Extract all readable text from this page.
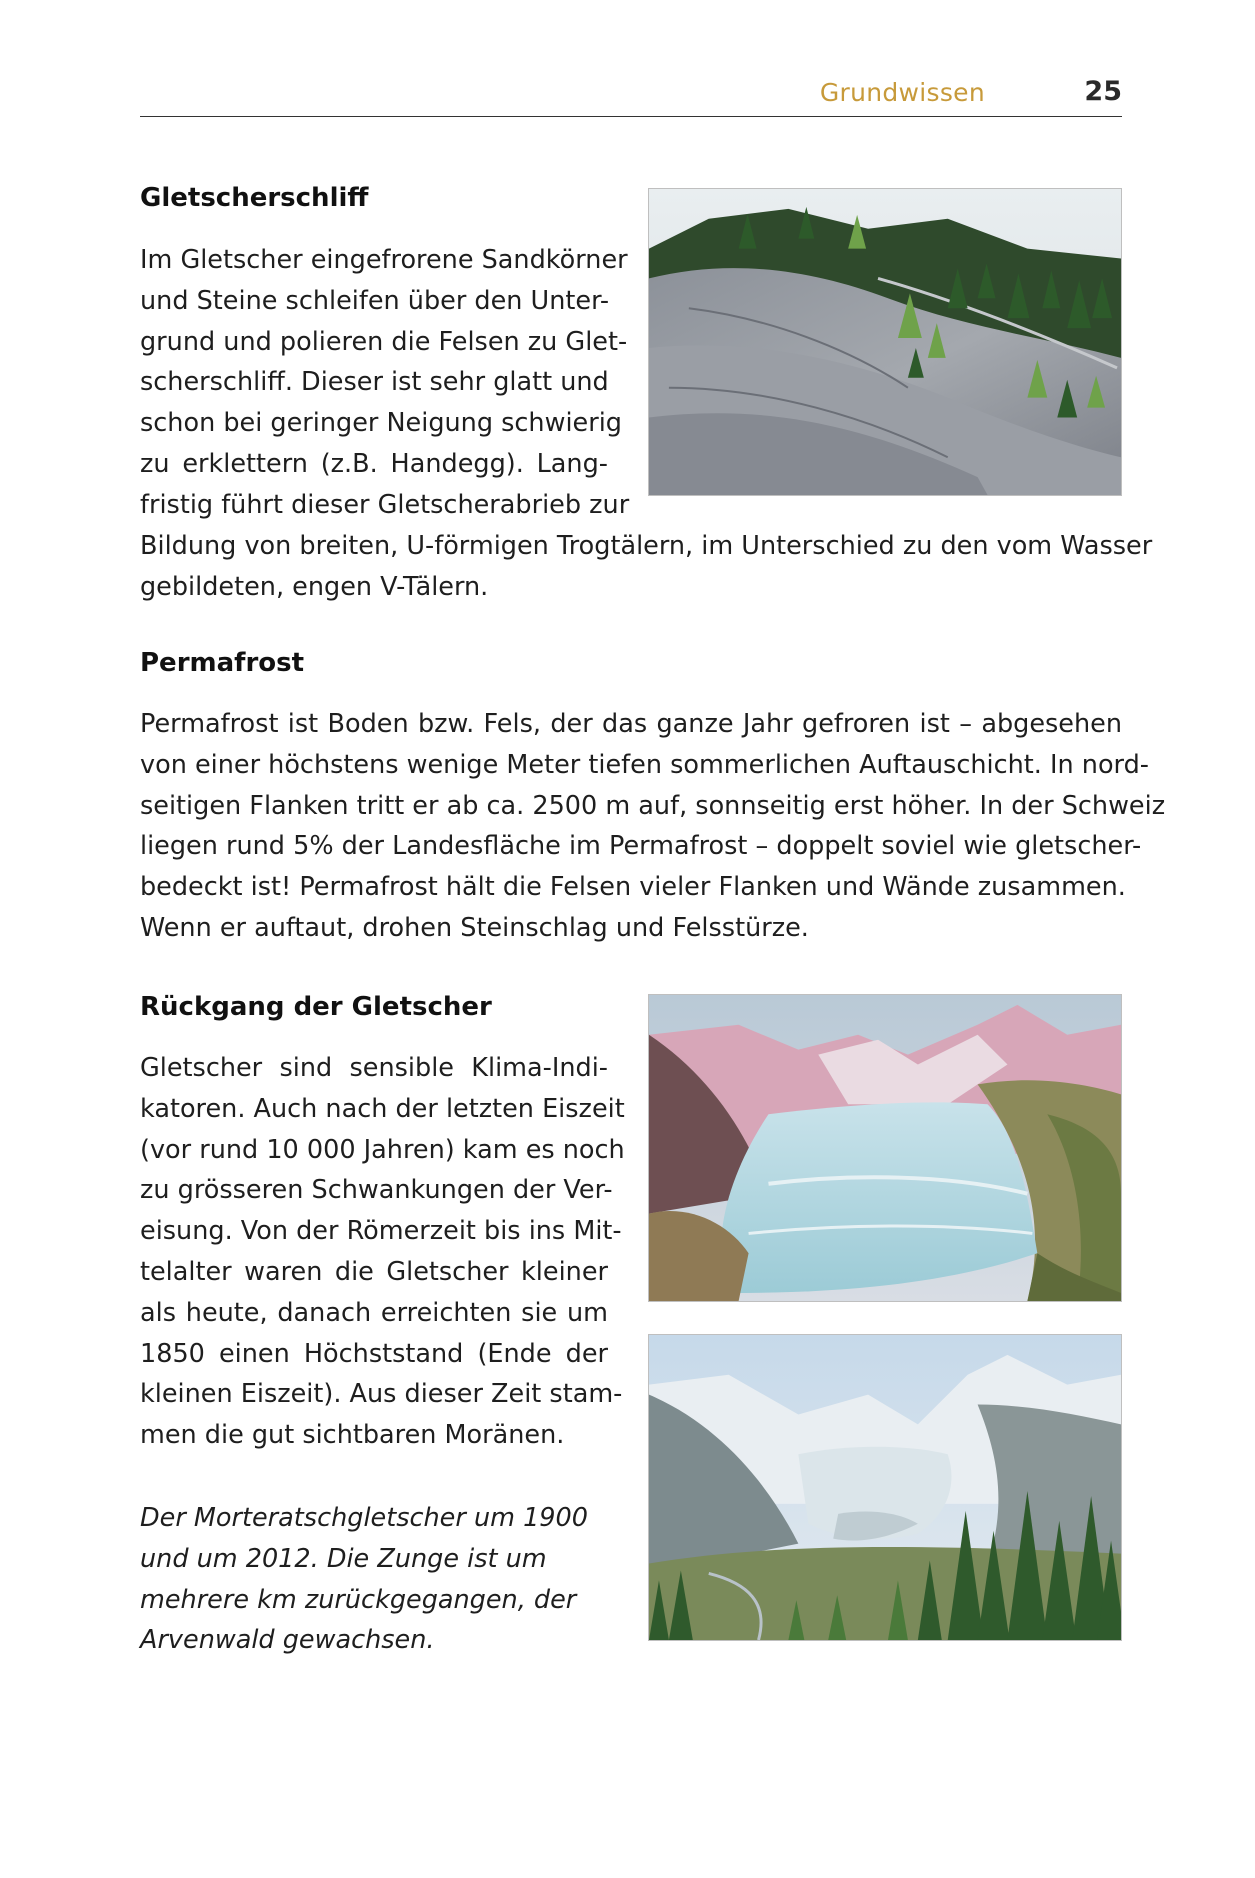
Grundwissen	25
Gletscherschliff

Im Gletscher eingefrorene Sandkörner
und Steine schleifen über den Unter-
grund und polieren die Felsen zu Glet-
scherschliff. Dieser ist sehr glatt und
schon bei geringer Neigung schwierig
zu erklettern (z.B. Handegg). Lang-
fristig führt dieser Gletscherabrieb zur

Bildung von breiten, U-förmigen Trogtälern, im Unterschied zu den vom Wasser
gebildeten, engen V-Tälern.

Permafrost

Permafrost ist Boden bzw. Fels, der das ganze Jahr gefroren ist – abgesehen
von einer höchstens wenige Meter tiefen sommerlichen Auftauschicht. In nord-
seitigen Flanken tritt er ab ca. 2500 m auf, sonnseitig erst höher. In der Schweiz
liegen rund 5% der Landesfläche im Permafrost – doppelt soviel wie gletscher-
bedeckt ist! Permafrost hält die Felsen vieler Flanken und Wände zusammen.
Wenn er auftaut, drohen Steinschlag und Felsstürze.

Rückgang der Gletscher

Gletscher sind sensible Klima-Indi-
katoren. Auch nach der letzten Eiszeit
(vor rund 10 000 Jahren) kam es noch
zu grösseren Schwankungen der Ver-
eisung. Von der Römerzeit bis ins Mit-
telalter waren die Gletscher kleiner
als heute, danach erreichten sie um
1850 einen Höchststand (Ende der
kleinen Eiszeit). Aus dieser Zeit stam-
men die gut sichtbaren Moränen.

Der Morteratschgletscher um 1900
und um 2012. Die Zunge ist um
mehrere km zurückgegangen, der
Arvenwald gewachsen.
